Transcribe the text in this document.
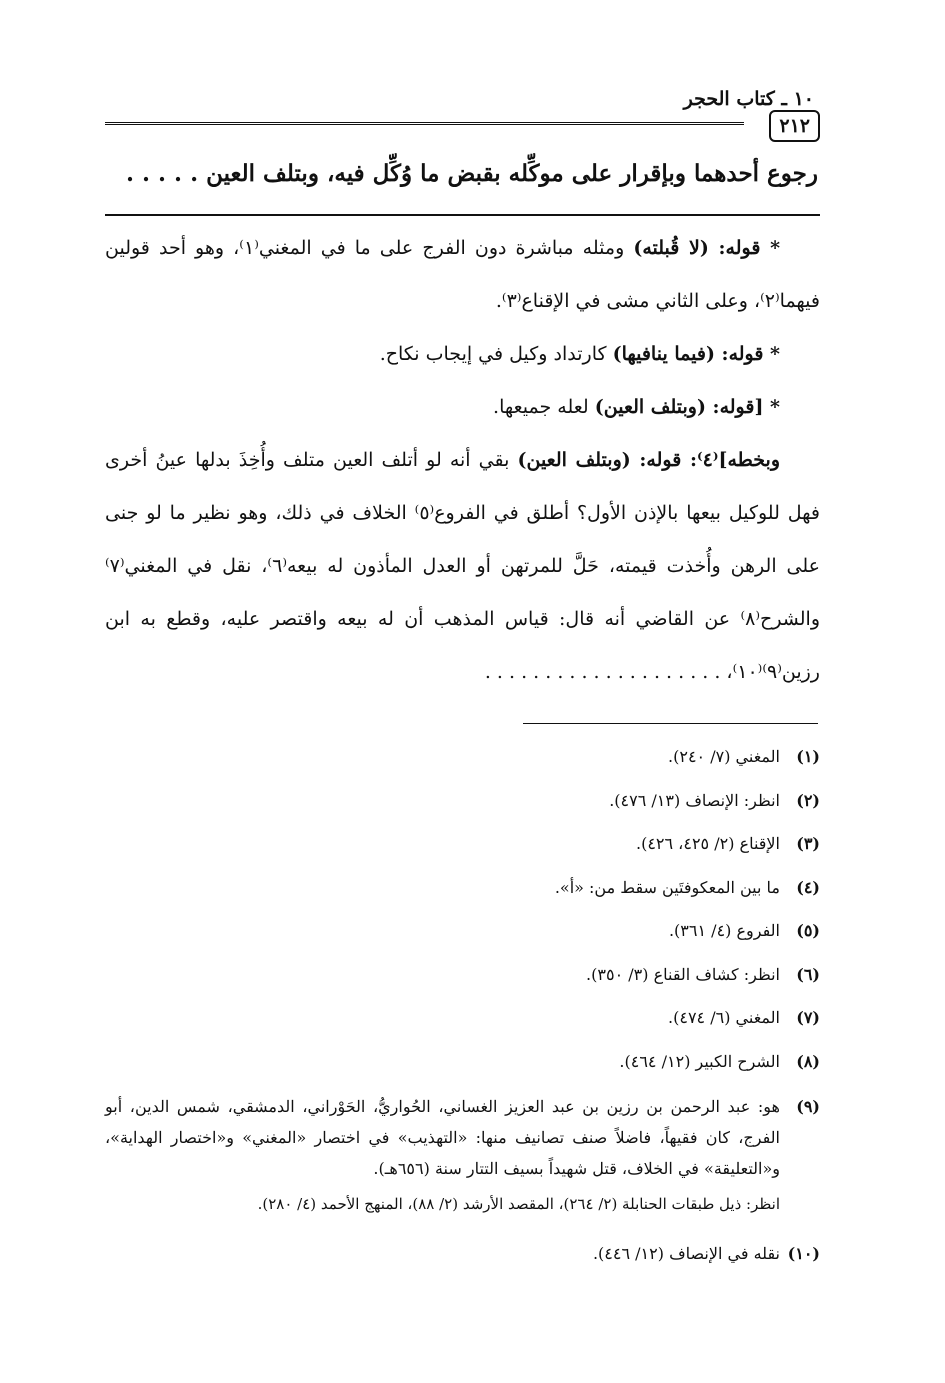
١٠ ـ كتاب الحجر
٢١٢
رجوع أحدهما وبإقرار على موكِّله بقبض ما وُكِّل فيه، وبتلف العين . . . . .

* قوله: (لا قُبلته) ومثله مباشرة دون الفرج على ما في المغني⁽١⁾، وهو أحد قولين فيهما⁽٢⁾، وعلى الثاني مشى في الإقناع⁽٣⁾.

* قوله: (فيما ينافيها) كارتداد وكيل في إيجاب نكاح.

* [قوله: (وبتلف العين) لعله جميعها.

وبخطه]⁽٤⁾: قوله: (وبتلف العين) بقي أنه لو أتلف العين متلف وأُخِذَ بدلها عينُ أخرى فهل للوكيل بيعها بالإذن الأول؟ أطلق في الفروع⁽٥⁾ الخلاف في ذلك، وهو نظير ما لو جنى على الرهن وأُخذت قيمته، حَلَّ للمرتهن أو العدل المأذون له بيعه⁽٦⁾، نقل في المغني⁽٧⁾ والشرح⁽٨⁾ عن القاضي أنه قال: قياس المذهب أن له بيعه واقتصر عليه، وقطع به ابن رزين⁽٩⁾⁽١٠⁾، . . . . . . . . . . . . . . . . . . . .

(١)
المغني (٧/ ٢٤٠).
(٢)
انظر: الإنصاف (١٣/ ٤٧٦).
(٣)
الإقناع (٢/ ٤٢٥، ٤٢٦).
(٤)
ما بين المعكوفتَين سقط من: «أ».
(٥)
الفروع (٤/ ٣٦١).
(٦)
انظر: كشاف القناع (٣/ ٣٥٠).
(٧)
المغني (٦/ ٤٧٤).
(٨)
الشرح الكبير (١٢/ ٤٦٤).
(٩)
هو: عبد الرحمن بن رزين بن عبد العزيز الغساني، الحُواريُّ، الحَوْراني، الدمشقي، شمس الدين، أبو الفرج، كان فقيهاً، فاضلاً صنف تصانيف منها: «التهذيب» في اختصار «المغني» و«اختصار الهداية»، و«التعليقة» في الخلاف، قتل شهيداً بسيف التتار سنة (٦٥٦هـ).
انظر: ذيل طبقات الحنابلة (٢/ ٢٦٤)، المقصد الأرشد (٢/ ٨٨)، المنهج الأحمد (٤/ ٢٨٠).
(١٠)
نقله في الإنصاف (١٢/ ٤٤٦).
